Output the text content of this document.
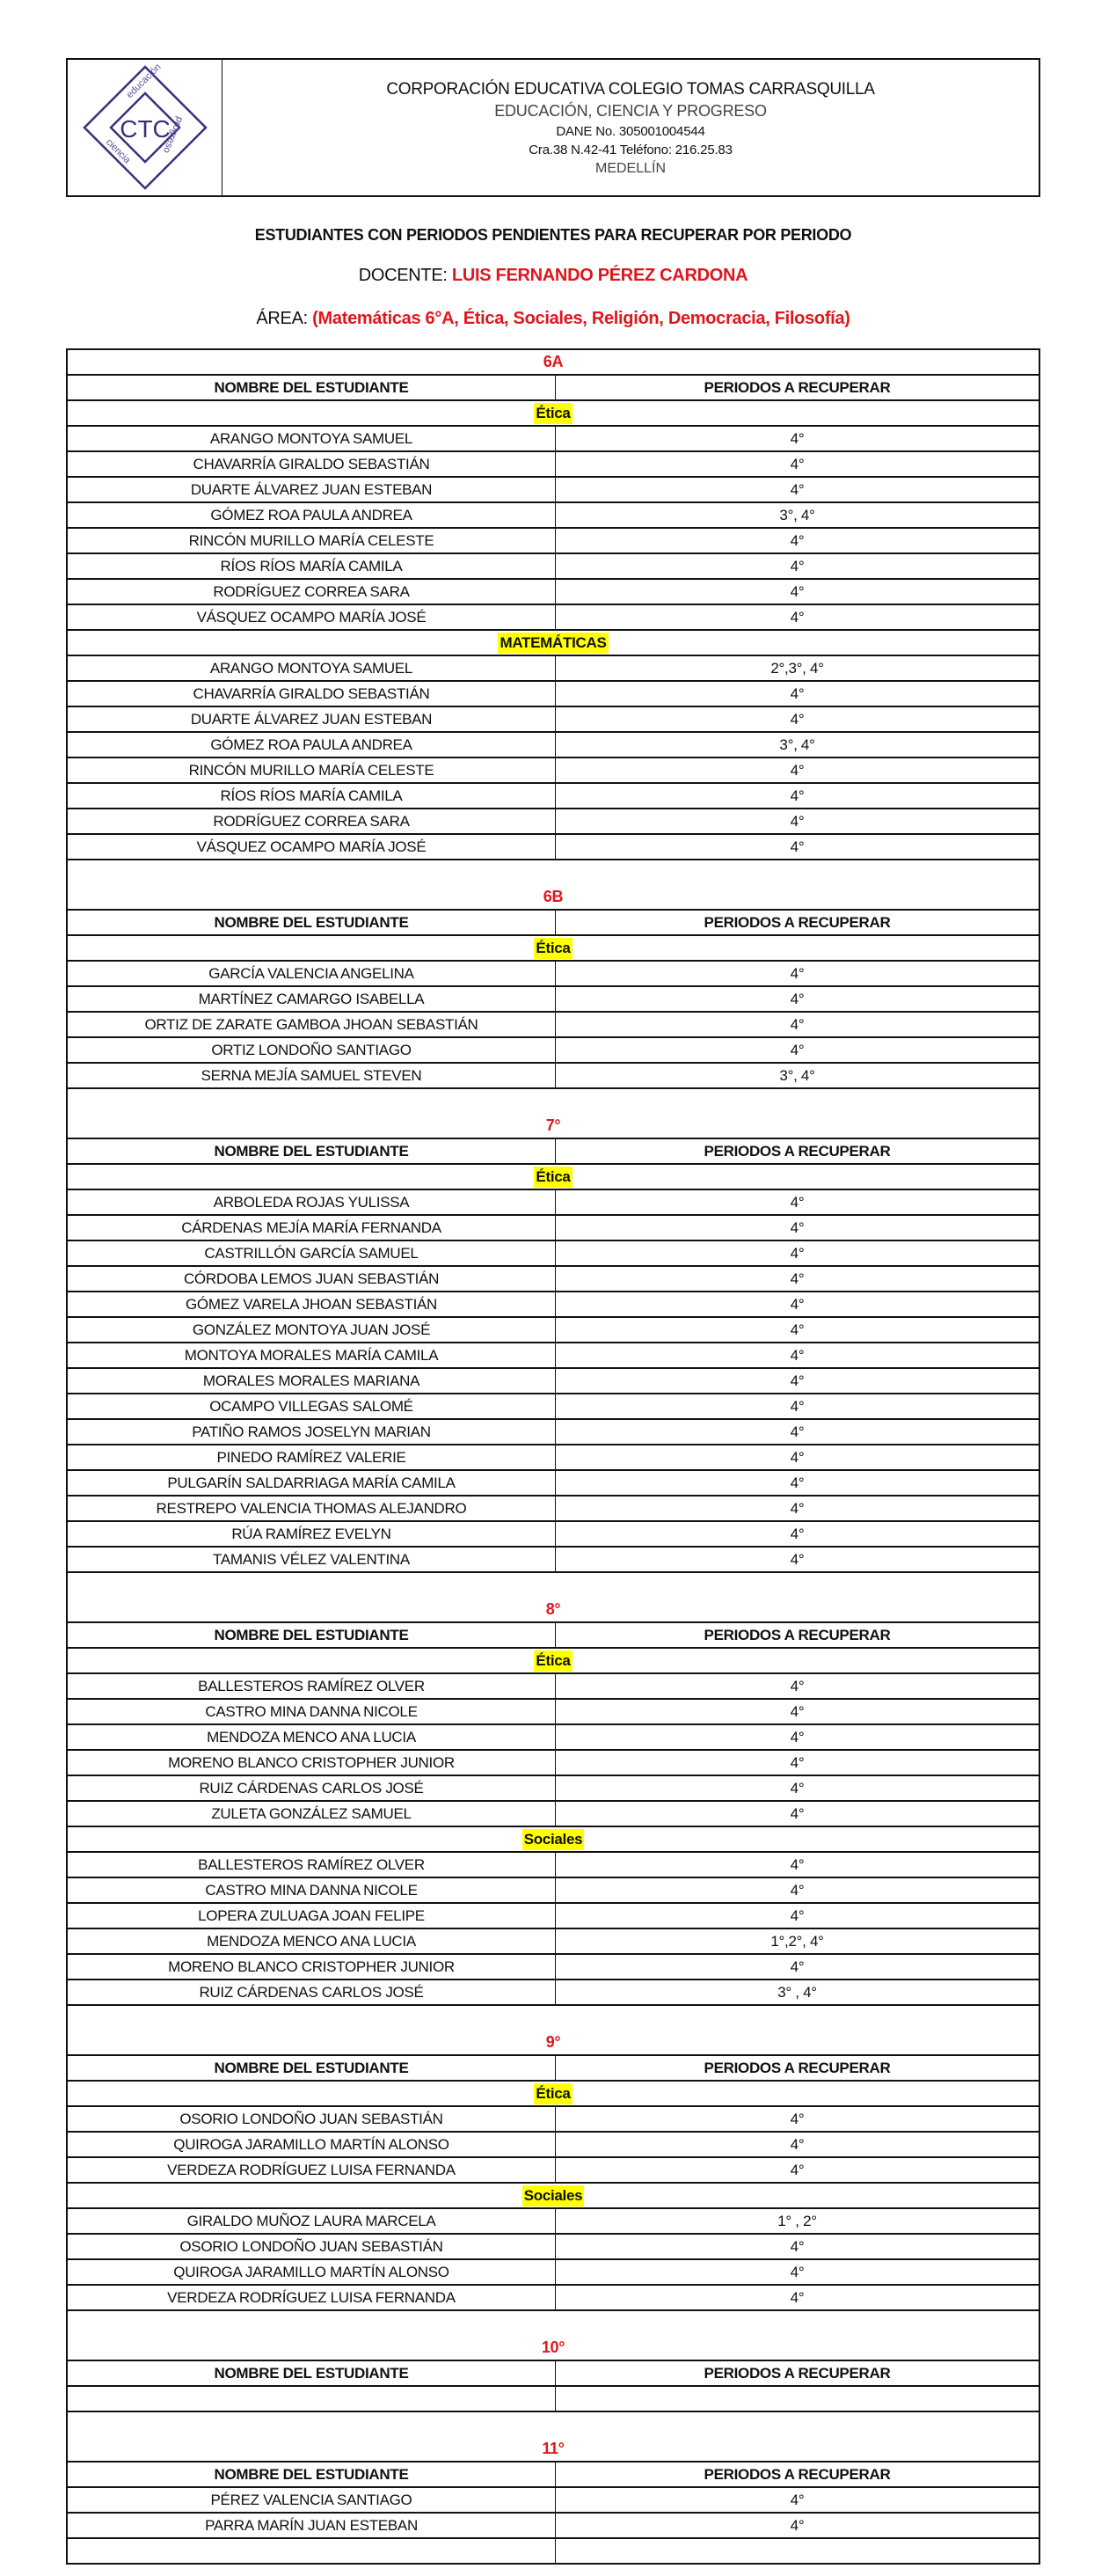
educación
ciencia	progreso
CTC
CORPORACIÓN EDUCATIVA COLEGIO TOMAS CARRASQUILLA
EDUCACIÓN, CIENCIA Y PROGRESO
DANE No. 305001004544
Cra.38 N.42-41 Teléfono: 216.25.83
MEDELLÍN
ESTUDIANTES CON PERIODOS PENDIENTES PARA RECUPERAR POR PERIODO
DOCENTE: LUIS FERNANDO PÉREZ CARDONA
ÁREA: (Matemáticas 6°A, Ética, Sociales, Religión, Democracia, Filosofía)
6A
NOMBRE DEL ESTUDIANTE	PERIODOS A RECUPERAR
Ética
ARANGO MONTOYA SAMUEL	4°
CHAVARRÍA GIRALDO SEBASTIÁN	4°
DUARTE ÁLVAREZ JUAN ESTEBAN	4°
GÓMEZ ROA PAULA ANDREA	3°, 4°
RINCÓN MURILLO MARÍA CELESTE	4°
RÍOS RÍOS MARÍA CAMILA	4°
RODRÍGUEZ CORREA SARA	4°
VÁSQUEZ OCAMPO MARÍA JOSÉ	4°
MATEMÁTICAS
ARANGO MONTOYA SAMUEL	2°,3°, 4°
CHAVARRÍA GIRALDO SEBASTIÁN	4°
DUARTE ÁLVAREZ JUAN ESTEBAN	4°
GÓMEZ ROA PAULA ANDREA	3°, 4°
RINCÓN MURILLO MARÍA CELESTE	4°
RÍOS RÍOS MARÍA CAMILA	4°
RODRÍGUEZ CORREA SARA	4°
VÁSQUEZ OCAMPO MARÍA JOSÉ	4°
6B
NOMBRE DEL ESTUDIANTE	PERIODOS A RECUPERAR
Ética
GARCÍA VALENCIA ANGELINA	4°
MARTÍNEZ CAMARGO ISABELLA	4°
ORTIZ DE ZARATE GAMBOA JHOAN SEBASTIÁN	4°
ORTIZ LONDOÑO SANTIAGO	4°
SERNA MEJÍA SAMUEL STEVEN	3°, 4°
7°
NOMBRE DEL ESTUDIANTE	PERIODOS A RECUPERAR
Ética
ARBOLEDA ROJAS YULISSA	4°
CÁRDENAS MEJÍA MARÍA FERNANDA	4°
CASTRILLÓN GARCÍA SAMUEL	4°
CÓRDOBA LEMOS JUAN SEBASTIÁN	4°
GÓMEZ VARELA JHOAN SEBASTIÁN	4°
GONZÁLEZ MONTOYA JUAN JOSÉ	4°
MONTOYA MORALES MARÍA CAMILA	4°
MORALES MORALES MARIANA	4°
OCAMPO VILLEGAS SALOMÉ	4°
PATIÑO RAMOS JOSELYN MARIAN	4°
PINEDO RAMÍREZ VALERIE	4°
PULGARÍN SALDARRIAGA MARÍA CAMILA	4°
RESTREPO VALENCIA THOMAS ALEJANDRO	4°
RÚA RAMÍREZ EVELYN	4°
TAMANIS VÉLEZ VALENTINA	4°
8°
NOMBRE DEL ESTUDIANTE	PERIODOS A RECUPERAR
Ética
BALLESTEROS RAMÍREZ OLVER	4°
CASTRO MINA DANNA NICOLE	4°
MENDOZA MENCO ANA LUCIA	4°
MORENO BLANCO CRISTOPHER JUNIOR	4°
RUIZ CÁRDENAS CARLOS JOSÉ	4°
ZULETA GONZÁLEZ SAMUEL	4°
Sociales
BALLESTEROS RAMÍREZ OLVER	4°
CASTRO MINA DANNA NICOLE	4°
LOPERA ZULUAGA JOAN FELIPE	4°
MENDOZA MENCO ANA LUCIA	1°,2°, 4°
MORENO BLANCO CRISTOPHER JUNIOR	4°
RUIZ CÁRDENAS CARLOS JOSÉ	3° , 4°
9°
NOMBRE DEL ESTUDIANTE	PERIODOS A RECUPERAR
Ética
OSORIO LONDOÑO JUAN SEBASTIÁN	4°
QUIROGA JARAMILLO MARTÍN ALONSO	4°
VERDEZA RODRÍGUEZ LUISA FERNANDA	4°
Sociales
GIRALDO MUÑOZ LAURA MARCELA	1° , 2°
OSORIO LONDOÑO JUAN SEBASTIÁN	4°
QUIROGA JARAMILLO MARTÍN ALONSO	4°
VERDEZA RODRÍGUEZ LUISA FERNANDA	4°
10°
NOMBRE DEL ESTUDIANTE	PERIODOS A RECUPERAR
11°
NOMBRE DEL ESTUDIANTE	PERIODOS A RECUPERAR
PÉREZ VALENCIA SANTIAGO	4°
PARRA MARÍN JUAN ESTEBAN	4°
